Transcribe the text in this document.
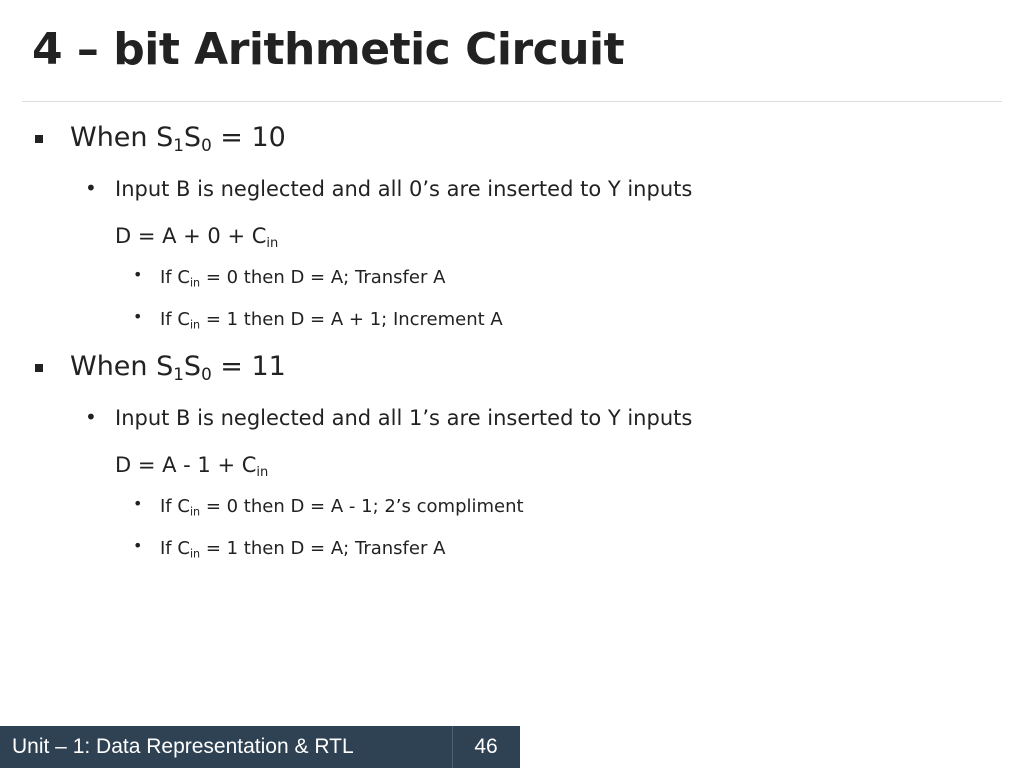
4 – bit Arithmetic Circuit
When $S_1S_0 = 10$
• Input B is neglected and all 0’s are inserted to Y inputs
$D = A + 0 + C_{in}$
• If $C_{in} = 0$ then D = A; Transfer A
• If $C_{in} = 1$ then D = A + 1; Increment A
When $S_1S_0 = 11$
• Input B is neglected and all 1’s are inserted to Y inputs
$D = A - 1 + C_{in}$
• If $C_{in} = 0$ then D = A - 1; 2’s compliment
• If $C_{in} = 1$ then D = A; Transfer A
Unit – 1: Data Representation & RTL	46
